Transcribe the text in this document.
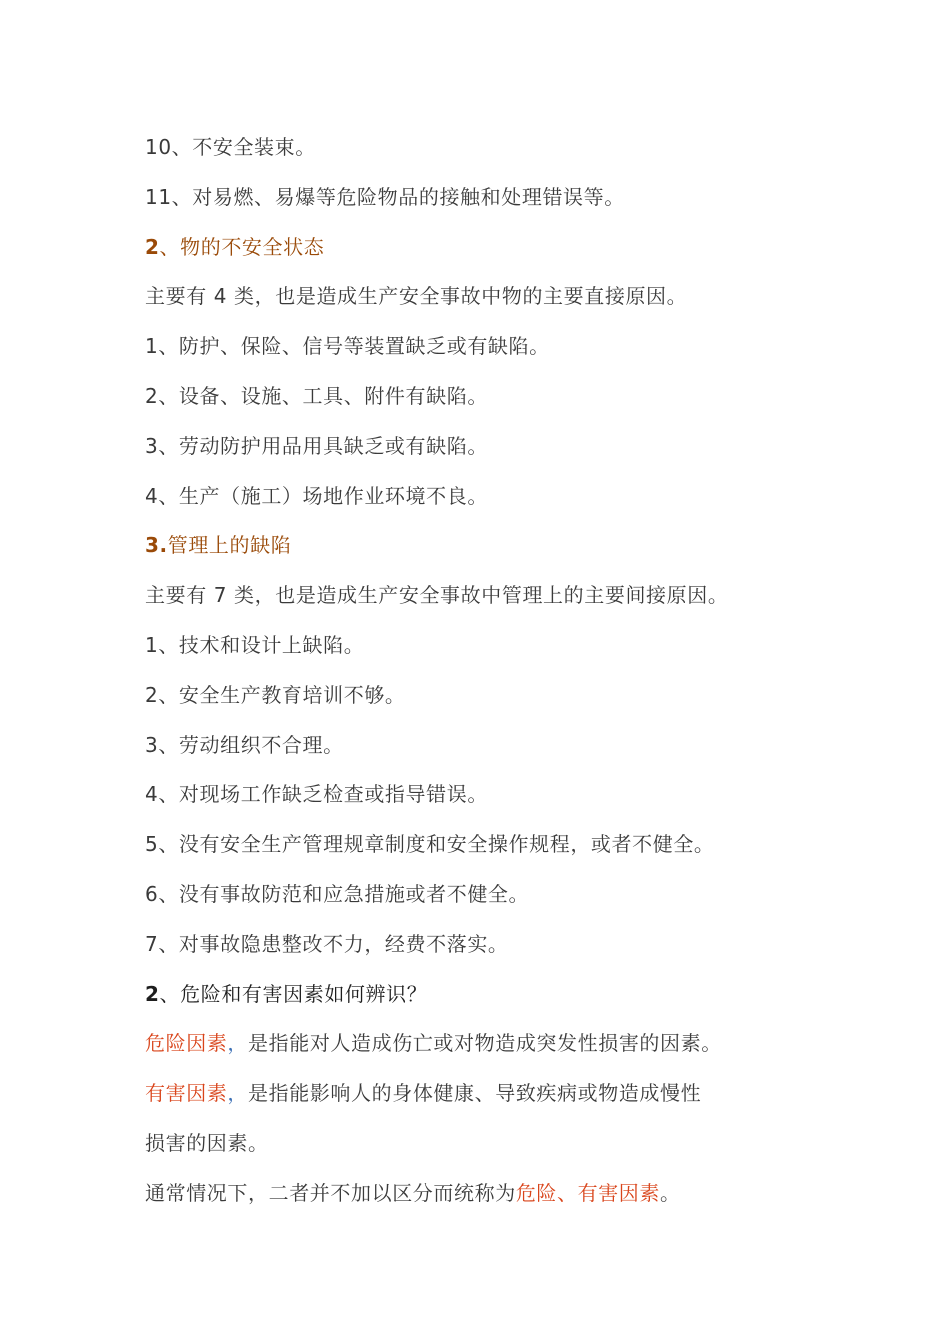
10、不安全装束。
11、对易燃、易爆等危险物品的接触和处理错误等。
2、物的不安全状态
主要有 4 类，也是造成生产安全事故中物的主要直接原因。
1、防护、保险、信号等装置缺乏或有缺陷。
2、设备、设施、工具、附件有缺陷。
3、劳动防护用品用具缺乏或有缺陷。
4、生产（施工）场地作业环境不良。
3.管理上的缺陷
主要有 7 类，也是造成生产安全事故中管理上的主要间接原因。
1、技术和设计上缺陷。
2、安全生产教育培训不够。
3、劳动组织不合理。
4、对现场工作缺乏检查或指导错误。
5、没有安全生产管理规章制度和安全操作规程，或者不健全。
6、没有事故防范和应急措施或者不健全。
7、对事故隐患整改不力，经费不落实。
2、危险和有害因素如何辨识？
危险因素，是指能对人造成伤亡或对物造成突发性损害的因素。
有害因素，是指能影响人的身体健康、导致疾病或物造成慢性
损害的因素。
通常情况下，二者并不加以区分而统称为危险、有害因素。
